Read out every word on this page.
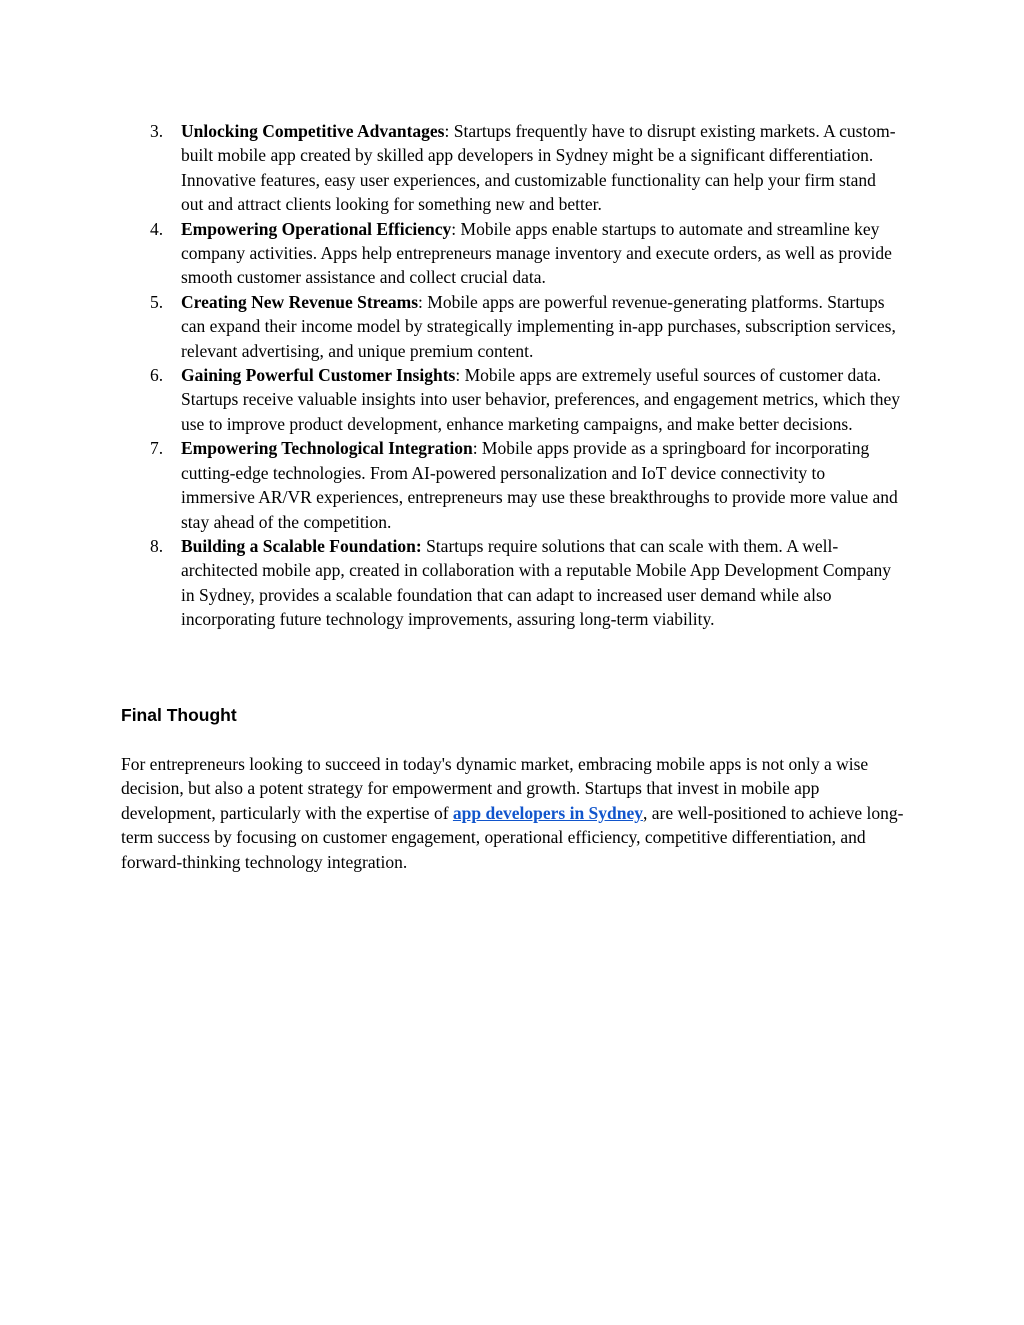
3. Unlocking Competitive Advantages: Startups frequently have to disrupt existing markets. A custom-built mobile app created by skilled app developers in Sydney might be a significant differentiation. Innovative features, easy user experiences, and customizable functionality can help your firm stand out and attract clients looking for something new and better.
4. Empowering Operational Efficiency: Mobile apps enable startups to automate and streamline key company activities. Apps help entrepreneurs manage inventory and execute orders, as well as provide smooth customer assistance and collect crucial data.
5. Creating New Revenue Streams: Mobile apps are powerful revenue-generating platforms. Startups can expand their income model by strategically implementing in-app purchases, subscription services, relevant advertising, and unique premium content.
6. Gaining Powerful Customer Insights: Mobile apps are extremely useful sources of customer data. Startups receive valuable insights into user behavior, preferences, and engagement metrics, which they use to improve product development, enhance marketing campaigns, and make better decisions.
7. Empowering Technological Integration: Mobile apps provide as a springboard for incorporating cutting-edge technologies. From AI-powered personalization and IoT device connectivity to immersive AR/VR experiences, entrepreneurs may use these breakthroughs to provide more value and stay ahead of the competition.
8. Building a Scalable Foundation: Startups require solutions that can scale with them. A well-architected mobile app, created in collaboration with a reputable Mobile App Development Company in Sydney, provides a scalable foundation that can adapt to increased user demand while also incorporating future technology improvements, assuring long-term viability.
Final Thought

For entrepreneurs looking to succeed in today's dynamic market, embracing mobile apps is not only a wise decision, but also a potent strategy for empowerment and growth. Startups that invest in mobile app development, particularly with the expertise of app developers in Sydney, are well-positioned to achieve long-term success by focusing on customer engagement, operational efficiency, competitive differentiation, and forward-thinking technology integration.
